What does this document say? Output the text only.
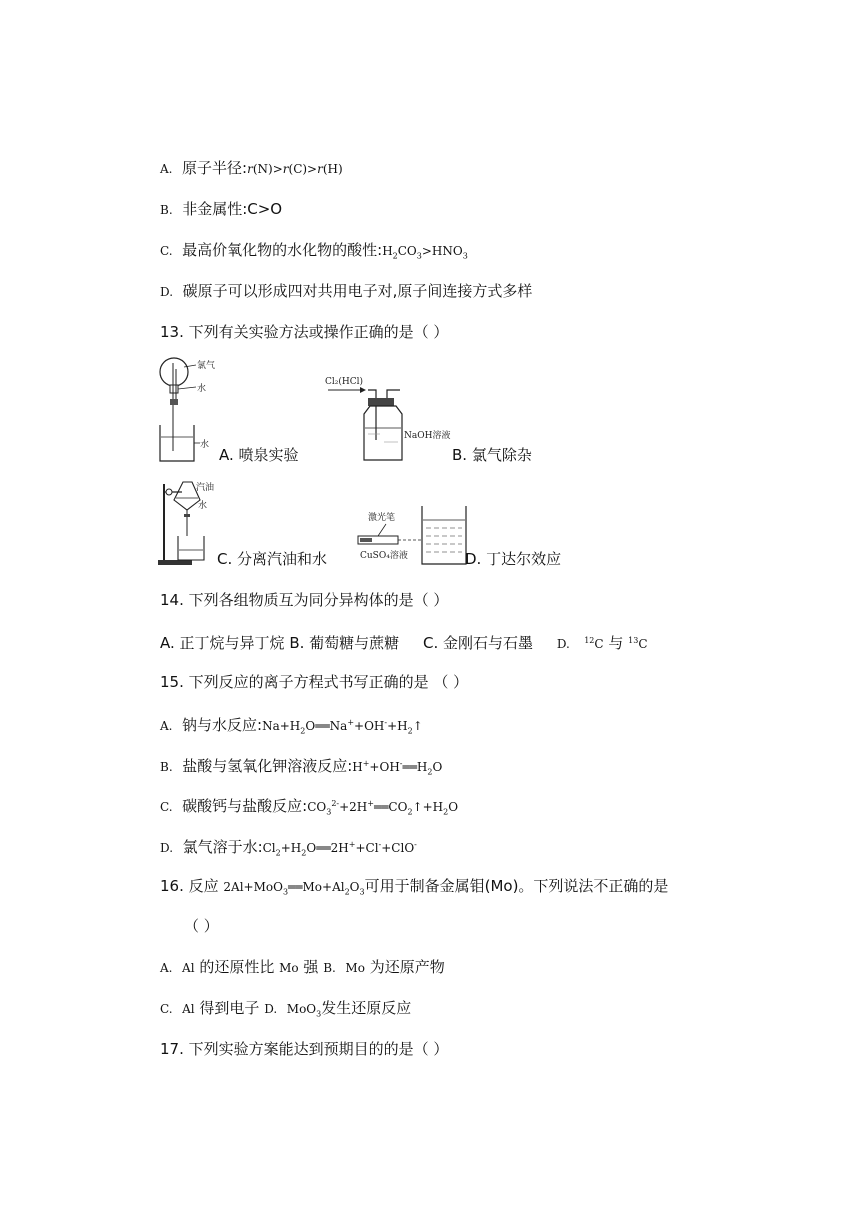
A. 原子半径:r(N)>r(C)>r(H)
B. 非金属性:C>O
C. 最高价氧化物的水化物的酸性$:H_2CO_3>HNO_3$
D. 碳原子可以形成四对共用电子对,原子间连接方式多样
13. 下列有关实验方法或操作正确的是（ ）
氯气
水
水
A. 喷泉实验
Cl₂(HCl)
NaOH溶液
B. 氯气除杂
汽油
水
C. 分离汽油和水
激光笔
CuSO₄溶液	D. 丁达尔效应
14. 下列各组物质互为同分异构体的是（ ）
A. 正丁烷与异丁烷 B. 葡萄糖与蔗糖 C. 金刚石与石墨 D. $^{12}$C 与 $^{13}$C
15. 下列反应的离子方程式书写正确的是 （ ）
A. 钠与水反应$:Na+H_2O══Na^++OH^-+H_2↑$
B. 盐酸与氢氧化钾溶液反应$:H^++OH^-══H_2O$
C. 碳酸钙与盐酸反应$:CO_3^{2-}+2H^+══CO_2↑+H_2O$
D. 氯气溶于水$:Cl_2+H_2O══2H^++Cl^-+ClO^-$
16. 反应 $2Al+MoO_3══Mo+Al_2O_3$可用于制备金属钼(Mo)。下列说法不正确的是
（ ）
A. Al 的还原性比 Mo 强 B. Mo 为还原产物
C. Al 得到电子 D. MoO$_3$发生还原反应
17. 下列实验方案能达到预期目的的是（ ）
